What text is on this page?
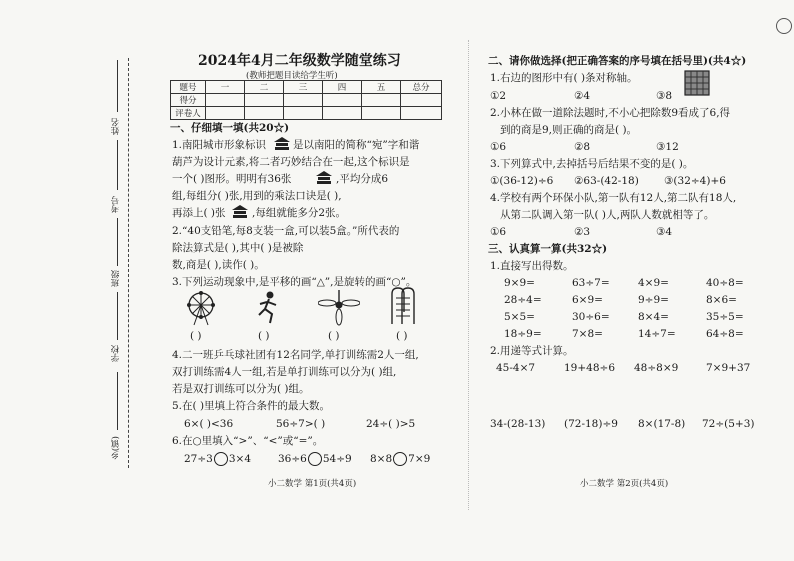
姓名
考号
班级
学校
乡(镇)
2024年4月二年级数学随堂练习
(教师把题目读给学生听)
题号	一	二	三	四	五	总分
得分						
评卷人						
一、仔细填一填(共20☆)
1.南阳城市形象标识	是以南阳的简称“宛”字和谐
葫芦为设计元素,将二者巧妙结合在一起,这个标识是
一个( )图形。明明有36张	,平均分成6
组,每组分( )张,用到的乘法口诀是( ),
再添上( )张	,每组就能多分2张。
2.“40支铅笔,每8支装一盒,可以装5盒。”所代表的
除法算式是( ),其中( )是被除
数,商是( ),读作( )。
3.下列运动现象中,是平移的画“△”,是旋转的画“○”。
( )	( )	( )	( )
4.二一班乒乓球社团有12名同学,单打训练需2人一组,
双打训练需4人一组,若是单打训练可以分为( )组,
若是双打训练可以分为( )组。
5.在( )里填上符合条件的最大数。
6×( )<36	56÷7>( )	24÷( )>5
6.在○里填入“>”、“<”或“=”。
27÷3 3×4	36÷6 54÷9 8×8 7×9
小二数学 第1页(共4页)
二、请你做选择(把正确答案的序号填在括号里)(共4☆)
1.右边的图形中有( )条对称轴。
①2	②4	③8
2.小林在做一道除法题时,不小心把除数9看成了6,得
到的商是9,则正确的商是( )。
①6	②8	③12
3.下列算式中,去掉括号后结果不变的是( )。
①(36-12)÷6 ②63-(42-18) ③(32÷4)+6
4.学校有两个环保小队,第一队有12人,第二队有18人,
从第二队调入第一队( )人,两队人数就相等了。
①6	②3	③4
三、认真算一算(共32☆)
1.直接写出得数。
9×9=	63÷7=	4×9=	40÷8=
28÷4=	6×9=	9÷9=	8×6=
5×5=	30÷6=	8×4=	35÷5=
18÷9=	7×8=	14÷7=	64÷8=
2.用递等式计算。
45-4×7	19+48÷6 48÷8×9	7×9+37
34-(28-13) (72-18)÷9 8×(17-8) 72÷(5+3)
小二数学 第2页(共4页)
